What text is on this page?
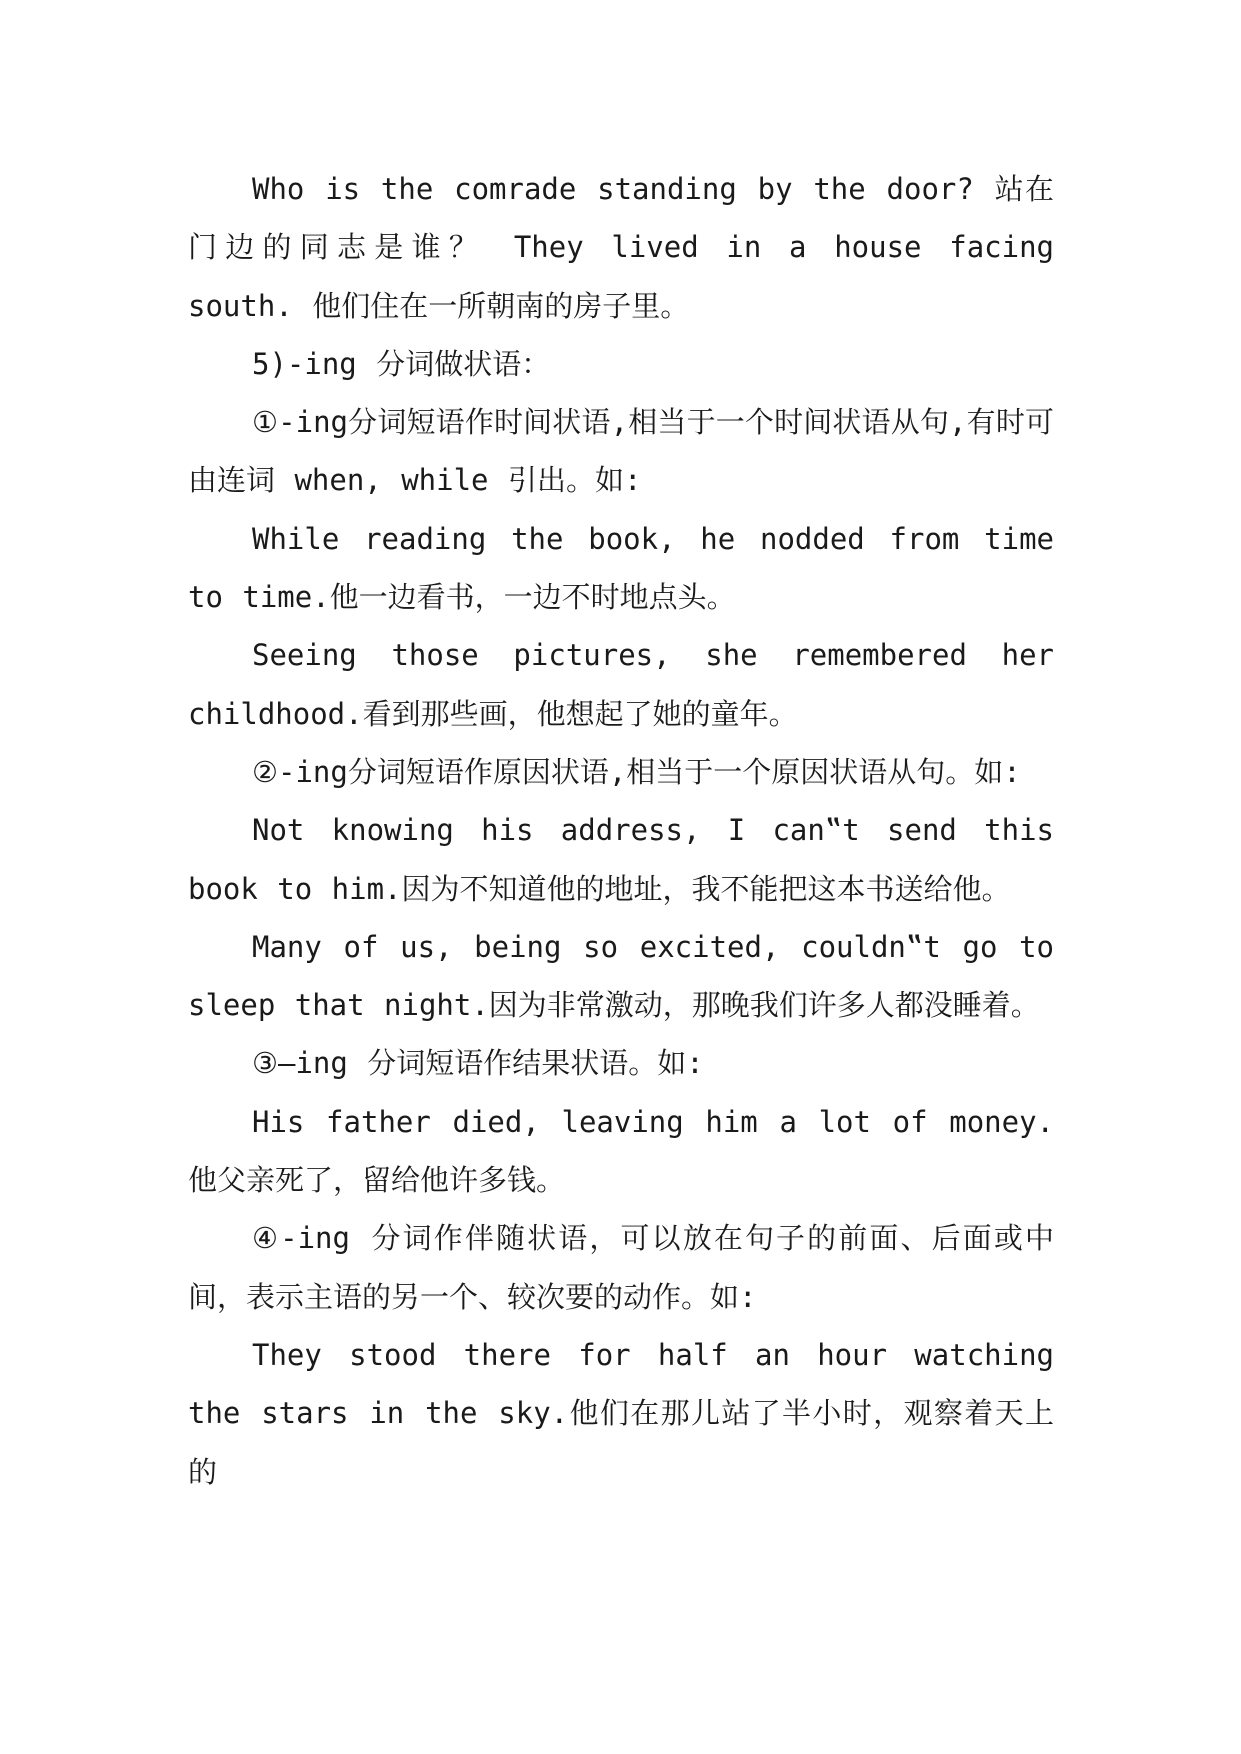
Who is the comrade standing by the door? 站在门边的同志是谁？ They lived in a house facing south. 他们住在一所朝南的房子里。

5)-ing 分词做状语：

①-ing分词短语作时间状语,相当于一个时间状语从句,有时可由连词 when, while 引出。如:

While reading the book, he nodded from time to time.他一边看书，一边不时地点头。

Seeing those pictures, she remembered her childhood.看到那些画，他想起了她的童年。

②-ing分词短语作原因状语,相当于一个原因状语从句。如:

Not knowing his address, I can‟t send this book to him.因为不知道他的地址，我不能把这本书送给他。

Many of us, being so excited, couldn‟t go to sleep that night.因为非常激动，那晚我们许多人都没睡着。

③–ing 分词短语作结果状语。如:

His father died, leaving him a lot of money.他父亲死了，留给他许多钱。

④-ing 分词作伴随状语，可以放在句子的前面、后面或中间，表示主语的另一个、较次要的动作。如:

They stood there for half an hour watching the stars in the sky.他们在那儿站了半小时，观察着天上的
